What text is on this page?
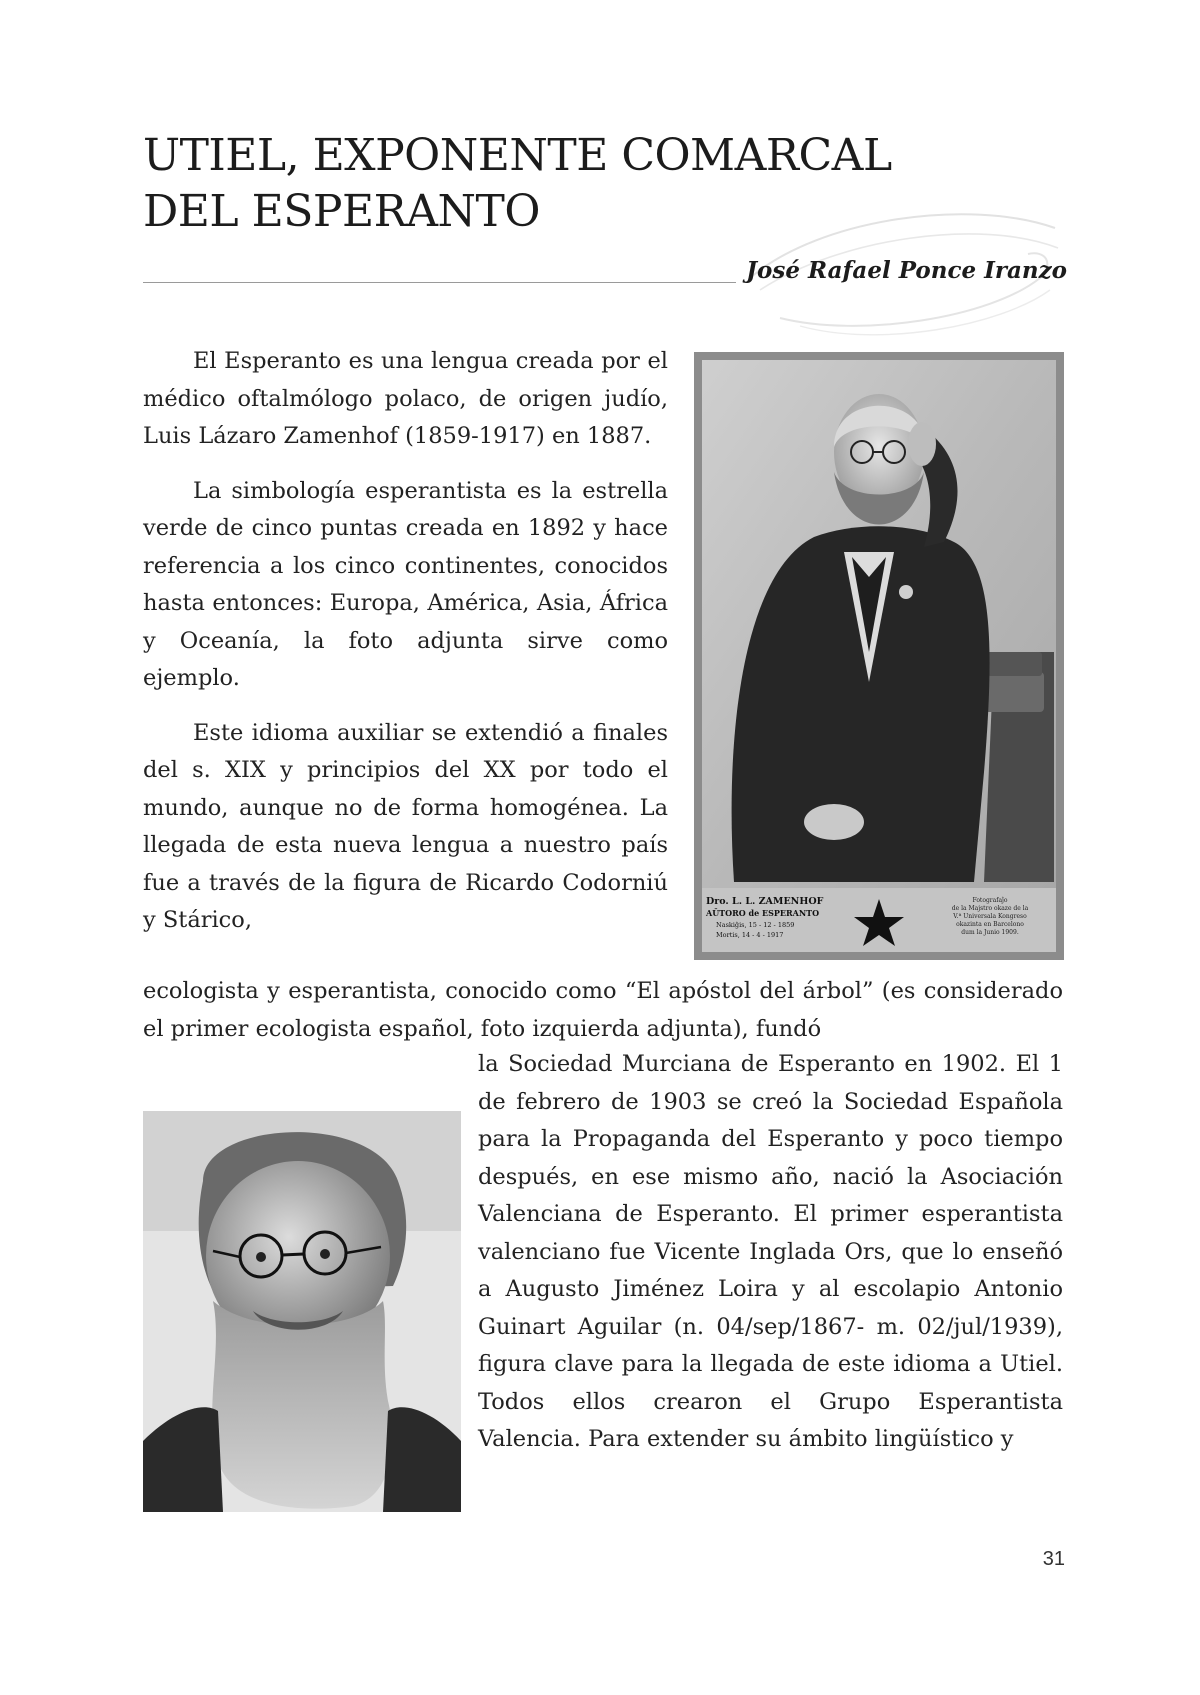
UTIEL, EXPONENTE COMARCAL
DEL ESPERANTO

José Rafael Ponce Iranzo

El Esperanto es una lengua creada por el médico oftalmólogo polaco, de origen judío, Luis Lázaro Zamenhof (1859-1917) en 1887.

La simbología esperantista es la estrella verde de cinco puntas creada en 1892 y hace referencia a los cinco continentes, conocidos hasta entonces: Europa, América, Asia, África y Oceanía, la foto adjunta sirve como ejemplo.

Este idioma auxiliar se extendió a finales del s. XIX y principios del XX por todo el mundo, aunque no de forma homogénea. La llegada de esta nueva lengua a nuestro país fue a través de la figura de Ricardo Codorniú y Stárico,

ecologista y esperantista, conocido como “El apóstol del árbol” (es considerado el primer ecologista español, foto izquierda adjunta), fundó

la Sociedad Murciana de Esperanto en 1902. El 1 de febrero de 1903 se creó la Sociedad Española para la Propaganda del Esperanto y poco tiempo después, en ese mismo año, nació la Asociación Valenciana de Esperanto. El primer esperantista valenciano fue Vicente Inglada Ors, que lo enseñó a Augusto Jiménez Loira y al escolapio Antonio Guinart Aguilar (n. 04/sep/1867- m. 02/jul/1939), figura clave para la llegada de este idioma a Utiel. Todos ellos crearon el Grupo Esperantista Valencia. Para extender su ámbito lingüístico y

Dro. L. L. ZAMENHOF
AŬTORO de ESPERANTO
Naskiĝis, 15 - 12 - 1859
Mortis, 14 - 4 - 1917
Fotografaĵo
de la Majstro okaze de la
V.ª Universala Kongreso
okazinta en Barcelono
dum la Junio 1909.

31
